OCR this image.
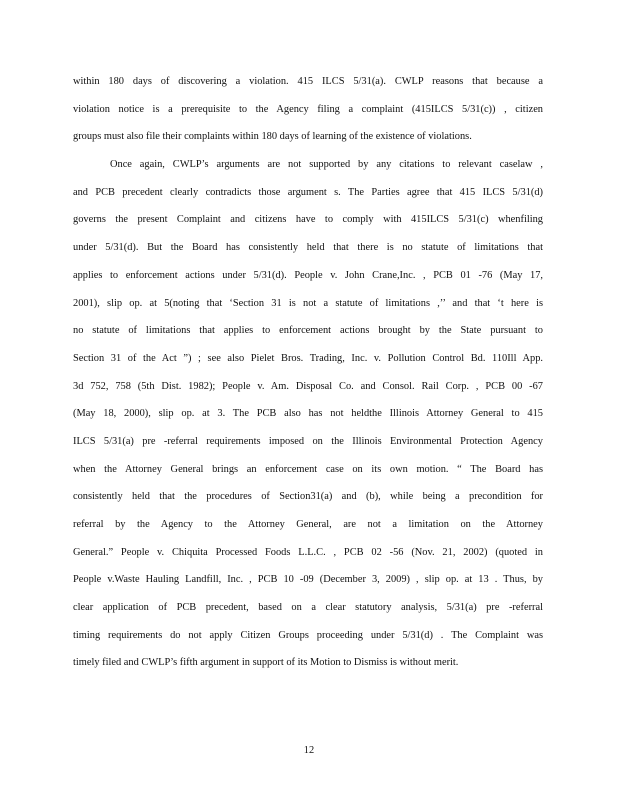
within 180 days of discovering a violation. 415 ILCS 5/31(a). CWLP reasons that because a
violation notice is a prerequisite to the Agency filing a complaint (415ILCS 5/31(c)) , citizen
groups must also file their complaints within 180 days of learning of the existence of violations.
Once again, CWLP’s arguments are not supported by any citations to relevant caselaw ,
and PCB precedent clearly contradicts those argument s. The Parties agree that 415 ILCS 5/31(d)
governs the present Complaint and citizens have to comply with 415ILCS 5/31(c) whenfiling
under 5/31(d). But the Board has consistently held that there is no statute of limitations that
applies to enforcement actions under 5/31(d). People v. John Crane,Inc. , PCB 01 -76 (May 17,
2001), slip op. at 5(noting that ‘Section 31 is not a statute of limitations ,’’ and that ‘t here is
no statute of limitations that applies to enforcement actions brought by the State pursuant to
Section 31 of the Act ”) ; see also Pielet Bros. Trading, Inc. v. Pollution Control Bd. 110Ill App.
3d 752, 758 (5th Dist. 1982); People v. Am. Disposal Co. and Consol. Rail Corp. , PCB 00 -67
(May 18, 2000), slip op. at 3. The PCB also has not heldthe Illinois Attorney General to 415
ILCS 5/31(a) pre -referral requirements imposed on the Illinois Environmental Protection Agency
when the Attorney General brings an enforcement case on its own motion. “ The Board has
consistently held that the procedures of Section31(a) and (b), while being a precondition for
referral by the Agency to the Attorney General, are not a limitation on the Attorney
General.” People v. Chiquita Processed Foods L.L.C. , PCB 02 -56 (Nov. 21, 2002) (quoted in
People v.Waste Hauling Landfill, Inc. , PCB 10 -09 (December 3, 2009) , slip op. at 13 . Thus, by
clear application of PCB precedent, based on a clear statutory analysis, 5/31(a) pre -referral
timing requirements do not apply Citizen Groups proceeding under 5/31(d) . The Complaint was
timely filed and CWLP’s fifth argument in support of its Motion to Dismiss is without merit.
12
